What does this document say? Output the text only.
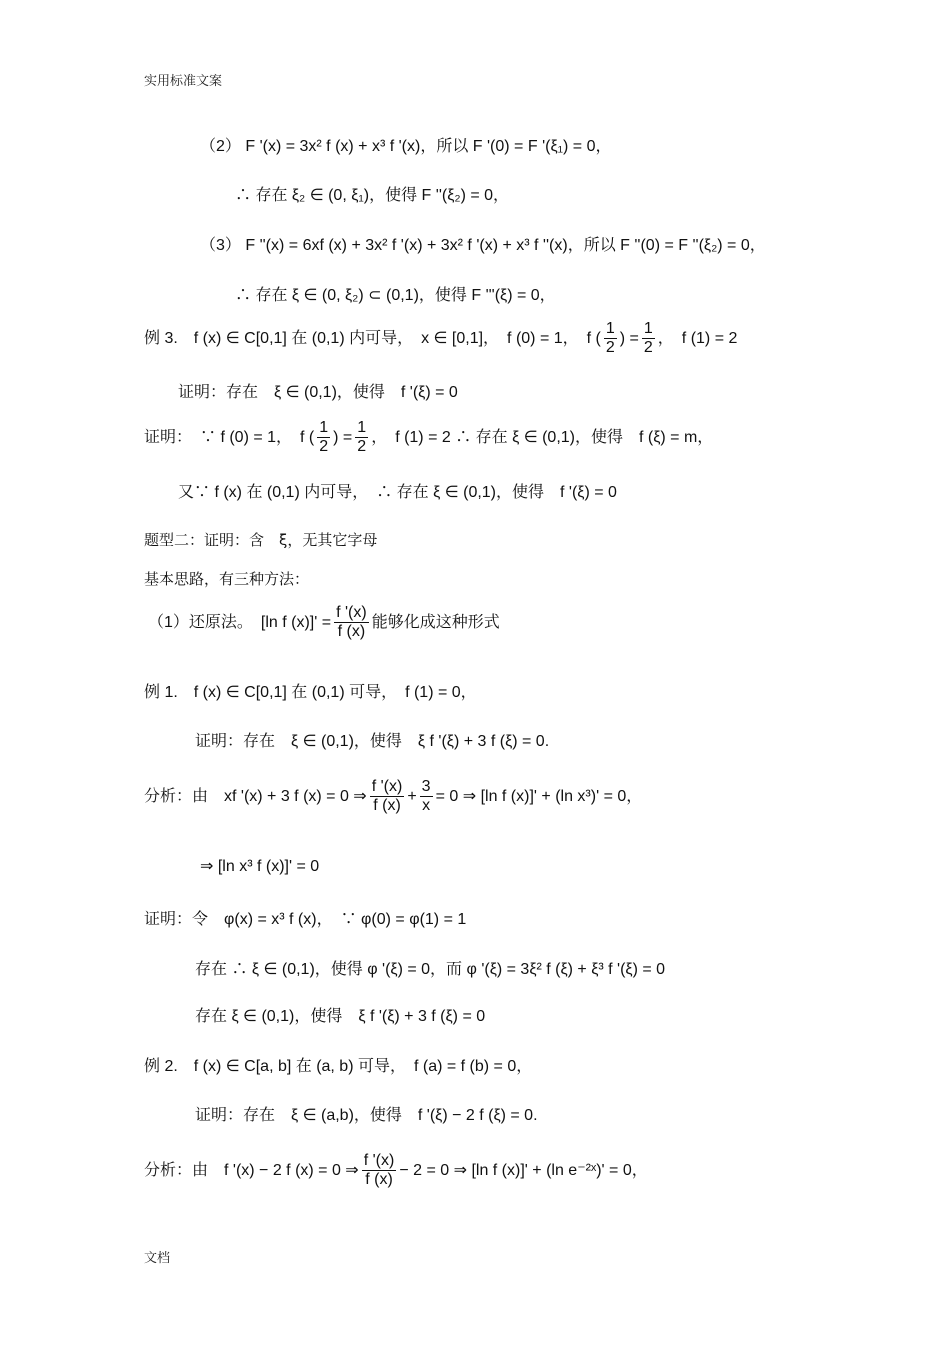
实用标准文案
（2） F '(x) = 3x² f (x) + x³ f '(x)，所以 F '(0) = F '(ξ₁) = 0，
∴ 存在 ξ₂ ∈ (0, ξ₁)，使得 F ''(ξ₂) = 0，
（3） F ''(x) = 6xf (x) + 3x² f '(x) + 3x² f '(x) + x³ f ''(x)，所以 F ''(0) = F ''(ξ₂) = 0，
∴ 存在 ξ ∈ (0, ξ₂) ⊂ (0,1)，使得 F '''(ξ) = 0，
例 3.　f (x) ∈ C[0,1] 在 (0,1) 内可导，　x ∈ [0,1]，　f (0) = 1，　f ( $\frac{1}{2}$ ) = $\frac{1}{2}$ ，　f (1) = 2
证明：存在　ξ ∈ (0,1)，使得　f '(ξ) = 0
证明：　∵ f (0) = 1，　f ( $\frac{1}{2}$ ) = $\frac{1}{2}$ ，　f (1) = 2 ∴ 存在 ξ ∈ (0,1)，使得　f (ξ) = m，
又∵ f (x) 在 (0,1) 内可导，　∴ 存在 ξ ∈ (0,1)，使得　f '(ξ) = 0
题型二：证明：含　ξ，无其它字母
基本思路，有三种方法：
（1）还原法。　[ln f $(x)]' = \frac{f '(x)}{f (x)}$ 能够化成这种形式
例 1.　f (x) ∈ C[0,1] 在 (0,1) 可导，　f (1) = 0，
证明：存在　ξ ∈ (0,1)，使得　ξ f '(ξ) + 3 f (ξ) = 0.
分析：由　xf '(x) + 3 f (x) = 0 ⇒ $\frac{f '(x)}{f (x)} + \frac{3}{x} = 0$ ⇒ [ln f (x)]' + (ln x³)' = 0，
⇒ [ln x³ f (x)]' = 0
证明：令　φ(x) = x³ f (x)，　∵ φ(0) = φ(1) = 1
存在 ∴ ξ ∈ (0,1)，使得 φ '(ξ) = 0，而 φ '(ξ) = 3ξ² f (ξ) + ξ³ f '(ξ) = 0
存在 ξ ∈ (0,1)，使得　ξ f '(ξ) + 3 f (ξ) = 0
例 2.　f (x) ∈ C[a, b] 在 (a, b) 可导，　f (a) = f (b) = 0，
证明：存在　ξ ∈ (a,b)，使得　f '(ξ) − 2 f (ξ) = 0.
分析：由　f '(x) − 2 f (x) = 0 ⇒ $\frac{f '(x)}{f (x)} - 2 = 0$ ⇒ [ln f (x)]' + (ln e⁻²ˣ)' = 0，
文档
